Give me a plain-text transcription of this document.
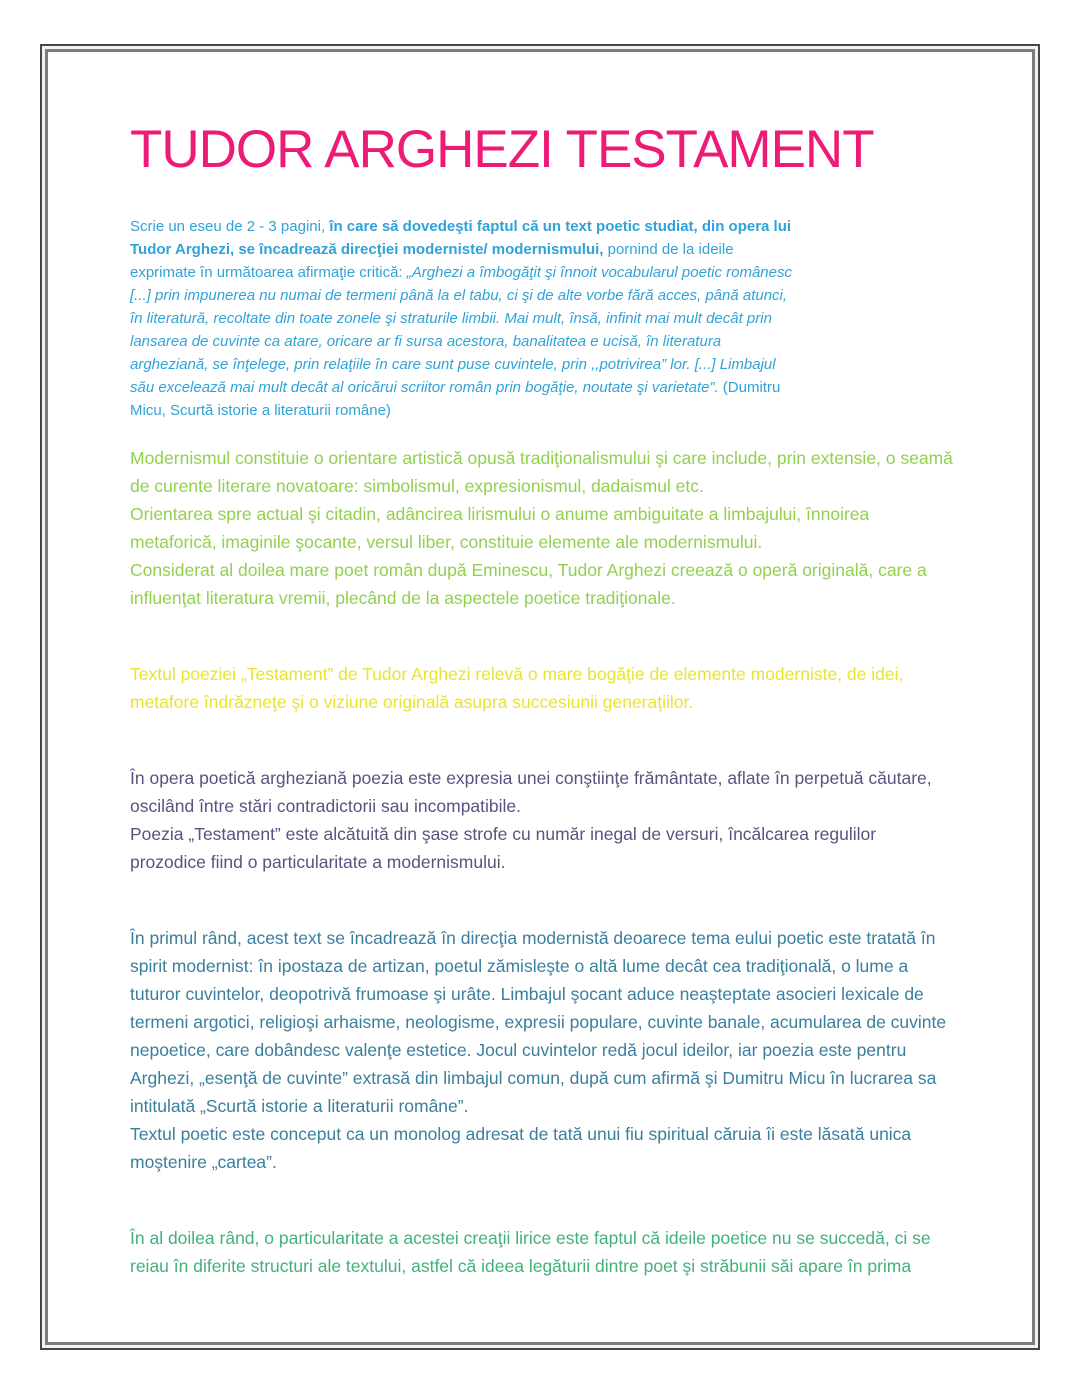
TUDOR ARGHEZI TESTAMENT

Scrie un eseu de 2 - 3 pagini, în care să dovedeşti faptul că un text poetic studiat, din opera lui Tudor Arghezi, se încadrează direcţiei moderniste/ modernismului, pornind de la ideile exprimate în următoarea afirmaţie critică: „Arghezi a îmbogăţit şi înnoit vocabularul poetic românesc [...] prin impunerea nu numai de termeni până la el tabu, ci şi de alte vorbe fără acces, până atunci, în literatură, recoltate din toate zonele şi straturile limbii. Mai mult, însă, infinit mai mult decât prin lansarea de cuvinte ca atare, oricare ar fi sursa acestora, banalitatea e ucisă, în literatura argheziană, se înţelege, prin relaţiile în care sunt puse cuvintele, prin ,,potrivirea” lor. [...] Limbajul său excelează mai mult decât al oricărui scriitor român prin bogăţie, noutate şi varietate”. (Dumitru Micu, Scurtă istorie a literaturii române)

Modernismul constituie o orientare artistică opusă tradiţionalismului şi care include, prin extensie, o seamă de curente literare novatoare: simbolismul, expresionismul, dadaismul etc.
Orientarea spre actual şi citadin, adâncirea lirismului o anume ambiguitate a limbajului, înnoirea metaforică, imaginile şocante, versul liber, constituie elemente ale modernismului.
Considerat al doilea mare poet român după Eminescu, Tudor Arghezi creează o operă originală, care a influenţat literatura vremii, plecând de la aspectele poetice tradiţionale.
Textul poeziei „Testament” de Tudor Arghezi relevă o mare bogăţie de elemente moderniste, de idei, metafore îndrăzneţe şi o viziune originală asupra succesiunii generaţiilor.
În opera poetică argheziană poezia este expresia unei conştiinţe frământate, aflate în perpetuă căutare, oscilând între stări contradictorii sau incompatibile.
Poezia „Testament” este alcătuită din şase strofe cu număr inegal de versuri, încălcarea regulilor prozodice fiind o particularitate a modernismului.
În primul rând, acest text se încadrează în direcţia modernistă deoarece tema eului poetic este tratată în spirit modernist: în ipostaza de artizan, poetul zămisleşte o altă lume decât cea tradiţională, o lume a tuturor cuvintelor, deopotrivă frumoase şi urâte. Limbajul şocant aduce neaşteptate asocieri lexicale de termeni argotici, religioşi arhaisme, neologisme, expresii populare, cuvinte banale, acumularea de cuvinte nepoetice, care dobândesc valenţe estetice. Jocul cuvintelor redă jocul ideilor, iar poezia este pentru Arghezi, „esenţă de cuvinte” extrasă din limbajul comun, după cum afirmă şi Dumitru Micu în lucrarea sa intitulată „Scurtă istorie a literaturii române”.
Textul poetic este conceput ca un monolog adresat de tată unui fiu spiritual căruia îi este lăsată unica moştenire „cartea”.
În al doilea rând, o particularitate a acestei creaţii lirice este faptul că ideile poetice nu se succedă, ci se reiau în diferite structuri ale textului, astfel că ideea legăturii dintre poet şi străbunii săi apare în prima
